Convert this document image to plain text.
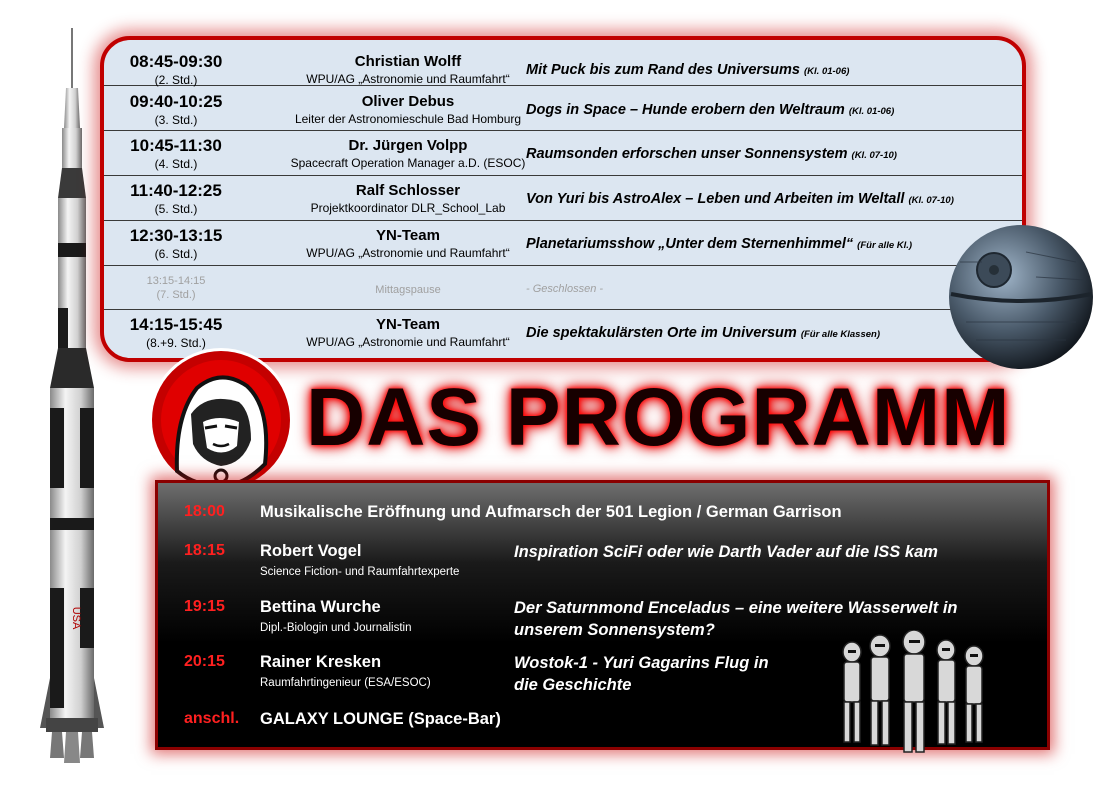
USA
08:45-09:30
(2. Std.)
Christian Wolff
WPU/AG „Astronomie und Raumfahrt“
Mit Puck bis zum Rand des Universums (Kl. 01-06)
09:40-10:25
(3. Std.)
Oliver Debus
Leiter der Astronomieschule Bad Homburg
Dogs in Space – Hunde erobern den Weltraum (Kl. 01-06)
10:45-11:30
(4. Std.)
Dr. Jürgen Volpp
Spacecraft Operation Manager a.D. (ESOC)
Raumsonden erforschen unser Sonnensystem (Kl. 07-10)
11:40-12:25
(5. Std.)
Ralf Schlosser
Projektkoordinator DLR_School_Lab
Von Yuri bis AstroAlex – Leben und Arbeiten im Weltall (Kl. 07-10)
12:30-13:15
(6. Std.)
YN-Team
WPU/AG „Astronomie und Raumfahrt“
Planetariumsshow „Unter dem Sternenhimmel“ (Für alle Kl.)
13:15-14:15
(7. Std.)	Mittagspause	- Geschlossen -
14:15-15:45
(8.+9. Std.)
YN-Team
WPU/AG „Astronomie und Raumfahrt“
Die spektakulärsten Orte im Universum (Für alle Klassen)
DAS PROGRAMM
18:00 Musikalische Eröffnung und Aufmarsch der 501 Legion / German Garrison
18:15 Robert Vogel
Science Fiction- und Raumfahrtexperte
Inspiration SciFi oder wie Darth Vader auf die ISS kam
19:15 Bettina Wurche
Dipl.-Biologin und Journalistin
Der Saturnmond Enceladus – eine weitere Wasserwelt in unserem Sonnensystem?
20:15 Rainer Kresken
Raumfahrtingenieur (ESA/ESOC)
Wostok-1 - Yuri Gagarins Flug in die Geschichte
anschl. GALAXY LOUNGE (Space-Bar)
